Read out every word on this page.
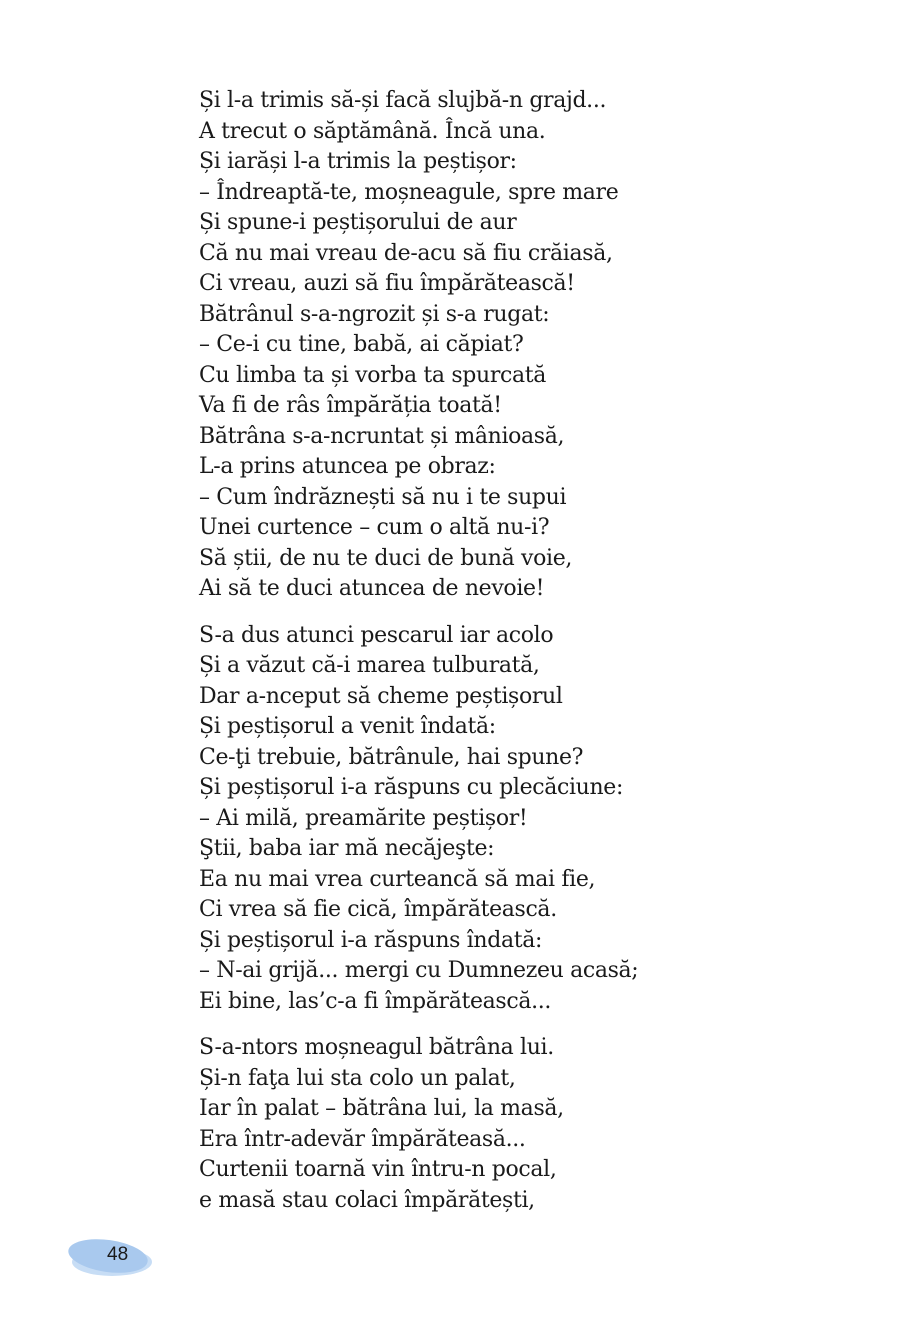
Și l-a trimis să-și facă slujbă-n grajd...
A trecut o săptămână. Încă una.
Și iarăși l-a trimis la peștișor:
– Îndreaptă-te, moșneagule, spre mare
Și spune-i peștișorului de aur
Că nu mai vreau de-acu să fiu crăiasă,
Ci vreau, auzi să fiu împărătească!
Bătrânul s-a-ngrozit și s-a rugat:
– Ce-i cu tine, babă, ai căpiat?
Cu limba ta și vorba ta spurcată
Va fi de râs împărăția toată!
Bătrâna s-a-ncruntat și mânioasă,
L-a prins atuncea pe obraz:
– Cum îndrăznești să nu i te supui
Unei curtence – cum o altă nu-i?
Să știi, de nu te duci de bună voie,
Ai să te duci atuncea de nevoie!
S-a dus atunci pescarul iar acolo
Și a văzut că-i marea tulburată,
Dar a-nceput să cheme peștișorul
Și peștișorul a venit îndată:
Ce-ţi trebuie, bătrânule, hai spune?
Și peștișorul i-a răspuns cu plecăciune:
– Ai milă, preamărite peștișor!
Ştii, baba iar mă necăjeşte:
Ea nu mai vrea curteancă să mai fie,
Ci vrea să fie cică, împărătească.
Și peștișorul i-a răspuns îndată:
– N-ai grijă... mergi cu Dumnezeu acasă;
Ei bine, las’c-a fi împărătească...
S-a-ntors moșneagul bătrâna lui.
Și-n faţa lui sta colo un palat,
Iar în palat – bătrâna lui, la masă,
Era într-adevăr împărăteasă...
Curtenii toarnă vin întru-n pocal,
e masă stau colaci împărătești,
48
